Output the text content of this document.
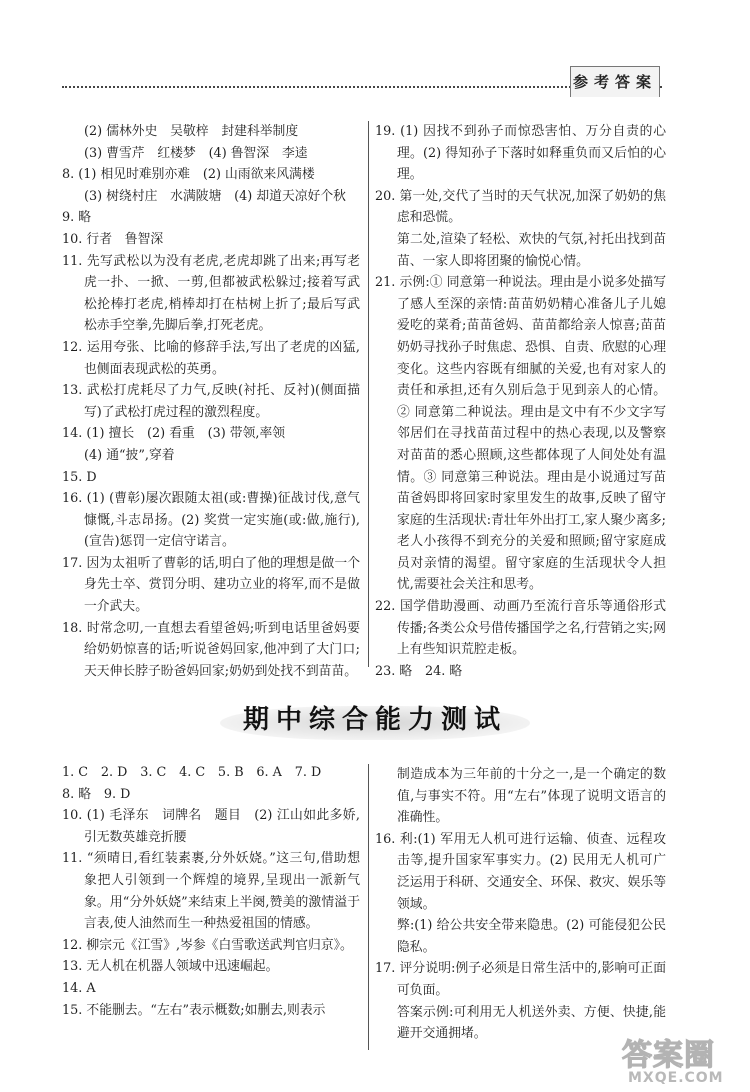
参考答案

(2) 儒林外史　吴敬梓　封建科举制度

(3) 曹雪芹　红楼梦　(4) 鲁智深　李逵

8. (1) 相见时难别亦难　(2) 山雨欲来风满楼

(3) 树绕村庄　水满陂塘　(4) 却道天凉好个秋

9. 略

10. 行者　鲁智深

11. 先写武松以为没有老虎,老虎却跳了出来;再写老虎一扑、一掀、一剪,但都被武松躲过;接着写武松抡棒打老虎,梢棒却打在枯树上折了;最后写武松赤手空拳,先脚后拳,打死老虎。

12. 运用夸张、比喻的修辞手法,写出了老虎的凶猛,也侧面表现武松的英勇。

13. 武松打虎耗尽了力气,反映(衬托、反衬)(侧面描写)了武松打虎过程的激烈程度。

14. (1) 擅长　(2) 看重　(3) 带领,率领

(4) 通“披”,穿着

15. D

16. (1) (曹彰)屡次跟随太祖(或:曹操)征战讨伐,意气慷慨,斗志昂扬。(2) 奖赏一定实施(或:做,施行),(宣告)惩罚一定信守诺言。

17. 因为太祖听了曹彰的话,明白了他的理想是做一个身先士卒、赏罚分明、建功立业的将军,而不是做一介武夫。

18. 时常念叨,一直想去看望爸妈;听到电话里爸妈要给奶奶惊喜的话;听说爸妈回家,他冲到了大门口;天天伸长脖子盼爸妈回家;奶奶到处找不到苗苗。

19. (1) 因找不到孙子而惊恐害怕、万分自责的心理。(2) 得知孙子下落时如释重负而又后怕的心理。

20. 第一处,交代了当时的天气状况,加深了奶奶的焦虑和恐慌。

第二处,渲染了轻松、欢快的气氛,衬托出找到苗苗、一家人即将团聚的愉悦心情。

21. 示例:① 同意第一种说法。理由是小说多处描写了感人至深的亲情:苗苗奶奶精心准备儿子儿媳爱吃的菜肴;苗苗爸妈、苗苗都给亲人惊喜;苗苗奶奶寻找孙子时焦虑、恐惧、自责、欣慰的心理变化。这些内容既有细腻的关爱,也有对家人的责任和承担,还有久别后急于见到亲人的心情。② 同意第二种说法。理由是文中有不少文字写邻居们在寻找苗苗过程中的热心表现,以及警察对苗苗的悉心照顾,这些都体现了人间处处有温情。③ 同意第三种说法。理由是小说通过写苗苗爸妈即将回家时家里发生的故事,反映了留守家庭的生活现状:青壮年外出打工,家人聚少离多;老人小孩得不到充分的关爱和照顾;留守家庭成员对亲情的渴望。留守家庭的生活现状令人担忧,需要社会关注和思考。

22. 国学借助漫画、动画乃至流行音乐等通俗形式传播;各类公众号借传播国学之名,行营销之实;网上有些知识荒腔走板。

23. 略　24. 略

期中综合能力测试

1. C　2. D　3. C　4. C　5. B　6. A　7. D

8. 略　9. D

10. (1) 毛泽东　词牌名　题目　(2) 江山如此多娇,引无数英雄竞折腰

11. “须晴日,看红装素裹,分外妖娆。”这三句,借助想象把人引领到一个辉煌的境界,呈现出一派新气象。用“分外妖娆”来结束上半阕,赞美的激情溢于言表,使人油然而生一种热爱祖国的情感。

12. 柳宗元《江雪》,岑参《白雪歌送武判官归京》。

13. 无人机在机器人领域中迅速崛起。

14. A

15. 不能删去。“左右”表示概数;如删去,则表示

制造成本为三年前的十分之一,是一个确定的数值,与事实不符。用“左右”体现了说明文语言的准确性。

16. 利:(1) 军用无人机可进行运输、侦查、远程攻击等,提升国家军事实力。(2) 民用无人机可广泛运用于科研、交通安全、环保、救灾、娱乐等领域。

弊:(1) 给公共安全带来隐患。(2) 可能侵犯公民隐私。

17. 评分说明:例子必须是日常生活中的,影响可正面可负面。

答案示例:可利用无人机送外卖、方便、快捷,能避开交通拥堵。

答案圈
MXQE.COM
